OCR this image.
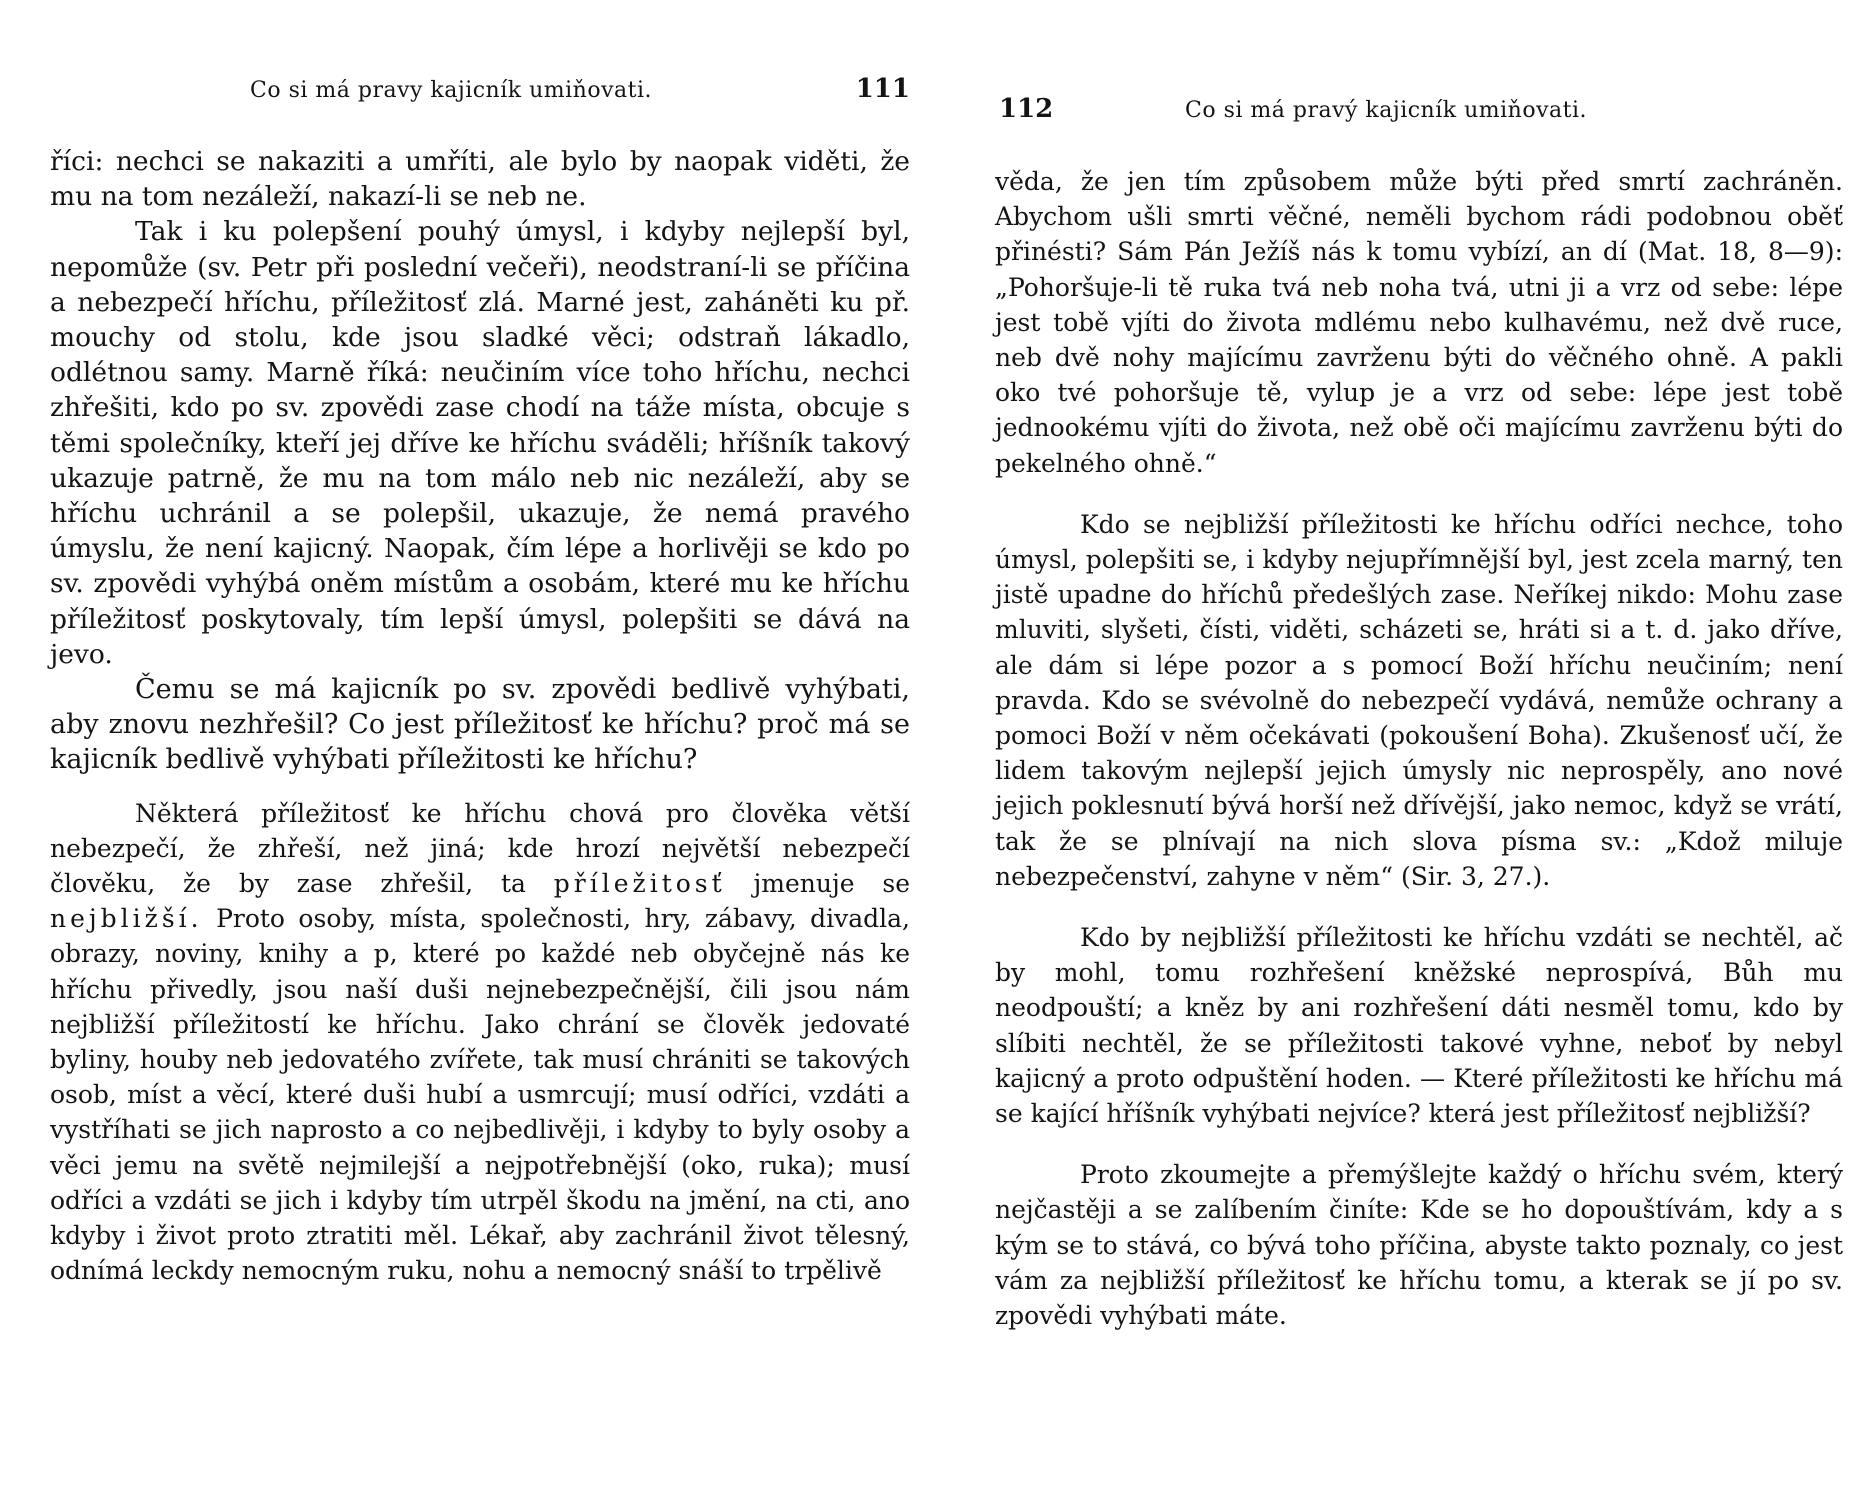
Co si má pravy kajicník umiňovati.	111

říci: nechci se nakaziti a umříti, ale bylo by naopak viděti, že mu na tom nezáleží, nakazí-li se neb ne.

Tak i ku polepšení pouhý úmysl, i kdyby nejlepší byl, nepomůže (sv. Petr při poslední večeři), neodstraní-li se příčina a nebezpečí hříchu, příležitosť zlá. Marné jest, zaháněti ku př. mouchy od stolu, kde jsou sladké věci; odstraň lákadlo, odlétnou samy. Marně říká: neučiním více toho hříchu, nechci zhřešiti, kdo po sv. zpovědi zase chodí na táže místa, obcuje s těmi společníky, kteří jej dříve ke hříchu sváděli; hříšník takový ukazuje patrně, že mu na tom málo neb nic nezáleží, aby se hříchu uchránil a se polepšil, ukazuje, že nemá pravého úmyslu, že není kajicný. Naopak, čím lépe a horlivěji se kdo po sv. zpovědi vyhýbá oněm místům a osobám, které mu ke hříchu příležitosť poskytovaly, tím lepší úmysl, polepšiti se dává na jevo.

Čemu se má kajicník po sv. zpovědi bedlivě vyhýbati, aby znovu nezhřešil? Co jest příležitosť ke hříchu? proč má se kajicník bedlivě vyhýbati příležitosti ke hříchu?

Některá příležitosť ke hříchu chová pro člověka větší nebezpečí, že zhřeší, než jiná; kde hrozí největší nebezpečí člověku, že by zase zhřešil, ta příležitosť jmenuje se nejbližší. Proto osoby, místa, společnosti, hry, zábavy, divadla, obrazy, noviny, knihy a p, které po každé neb obyčejně nás ke hříchu přivedly, jsou naší duši nejnebezpečnější, čili jsou nám nejbližší příležitostí ke hříchu. Jako chrání se člověk jedovaté byliny, houby neb jedovatého zvířete, tak musí chrániti se takových osob, míst a věcí, které duši hubí a usmrcují; musí odříci, vzdáti a vystříhati se jich naprosto a co nejbedlivěji, i kdyby to byly osoby a věci jemu na světě nejmilejší a nejpotřebnější (oko, ruka); musí odříci a vzdáti se jich i kdyby tím utrpěl škodu na jmění, na cti, ano kdyby i život proto ztratiti měl. Lékař, aby zachránil život tělesný, odnímá leckdy nemocným ruku, nohu a nemocný snáší to trpělivě

112	Co si má pravý kajicník umiňovati.

věda, že jen tím způsobem může býti před smrtí zachráněn. Abychom ušli smrti věčné, neměli bychom rádi podobnou oběť přinésti? Sám Pán Ježíš nás k tomu vybízí, an dí (Mat. 18, 8—9): „Pohoršuje-li tě ruka tvá neb noha tvá, utni ji a vrz od sebe: lépe jest tobě vjíti do života mdlému nebo kulhavému, než dvě ruce, neb dvě nohy majícímu zavrženu býti do věčného ohně. A pakli oko tvé pohoršuje tě, vylup je a vrz od sebe: lépe jest tobě jednookému vjíti do života, než obě oči majícímu zavrženu býti do pekelného ohně.“

Kdo se nejbližší příležitosti ke hříchu odříci nechce, toho úmysl, polepšiti se, i kdyby nejupřímnější byl, jest zcela marný, ten jistě upadne do hříchů předešlých zase. Neříkej nikdo: Mohu zase mluviti, slyšeti, čísti, viděti, scházeti se, hráti si a t. d. jako dříve, ale dám si lépe pozor a s pomocí Boží hříchu neučiním; není pravda. Kdo se svévolně do nebezpečí vydává, nemůže ochrany a pomoci Boží v něm očekávati (pokoušení Boha). Zkušenosť učí, že lidem takovým nejlepší jejich úmysly nic neprospěly, ano nové jejich poklesnutí bývá horší než dřívější, jako nemoc, když se vrátí, tak že se plnívají na nich slova písma sv.: „Kdož miluje nebezpečenství, zahyne v něm“ (Sir. 3, 27.).

Kdo by nejbližší příležitosti ke hříchu vzdáti se nechtěl, ač by mohl, tomu rozhřešení kněžské neprospívá, Bůh mu neodpouští; a kněz by ani rozhřešení dáti nesměl tomu, kdo by slíbiti nechtěl, že se příležitosti takové vyhne, neboť by nebyl kajicný a proto odpuštění hoden. — Které příležitosti ke hříchu má se kající hříšník vyhýbati nejvíce? která jest příležitosť nejbližší?

Proto zkoumejte a přemýšlejte každý o hříchu svém, který nejčastěji a se zalíbením činíte: Kde se ho dopouštívám, kdy a s kým se to stává, co bývá toho příčina, abyste takto poznaly, co jest vám za nejbližší příležitosť ke hříchu tomu, a kterak se jí po sv. zpovědi vyhýbati máte.
